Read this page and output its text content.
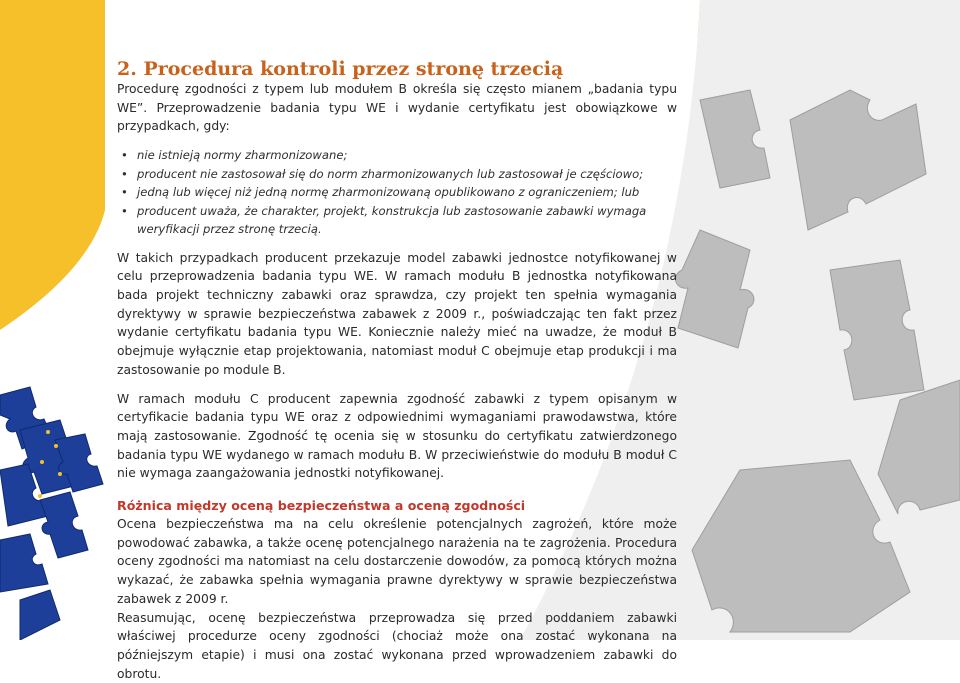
2. Procedura kontroli przez stronę trzecią

Procedurę zgodności z typem lub modułem B określa się często mianem „badania typu WE”. Przeprowadzenie badania typu WE i wydanie certyfikatu jest obowiązkowe w przypadkach, gdy:

• nie istnieją normy zharmonizowane;
• producent nie zastosował się do norm zharmonizowanych lub zastosował je częściowo;
• jedną lub więcej niż jedną normę zharmonizowaną opublikowano z ograniczeniem; lub
• producent uważa, że charakter, projekt, konstrukcja lub zastosowanie zabawki wymaga weryfikacji przez stronę trzecią.

W takich przypadkach producent przekazuje model zabawki jednostce notyfikowanej w celu przeprowadzenia badania typu WE. W ramach modułu B jednostka notyfikowana bada projekt techniczny zabawki oraz sprawdza, czy projekt ten spełnia wymagania dyrektywy w sprawie bezpieczeństwa zabawek z 2009 r., poświadczając ten fakt przez wydanie certyfikatu badania typu WE. Koniecznie należy mieć na uwadze, że moduł B obejmuje wyłącznie etap projektowania, natomiast moduł C obejmuje etap produkcji i ma zastosowanie po module B.

W ramach modułu C producent zapewnia zgodność zabawki z typem opisanym w certyfikacie badania typu WE oraz z odpowiednimi wymaganiami prawodawstwa, które mają zastosowanie. Zgodność tę ocenia się w stosunku do certyfikatu zatwierdzonego badania typu WE wydanego w ramach modułu B. W przeciwieństwie do modułu B moduł C nie wymaga zaangażowania jednostki notyfikowanej.

Różnica między oceną bezpieczeństwa a oceną zgodności

Ocena bezpieczeństwa ma na celu określenie potencjalnych zagrożeń, które może powodować zabawka, a także ocenę potencjalnego narażenia na te zagrożenia. Procedura oceny zgodności ma natomiast na celu dostarczenie dowodów, za pomocą których można wykazać, że zabawka spełnia wymagania prawne dyrektywy w sprawie bezpieczeństwa zabawek z 2009 r.

Reasumując, ocenę bezpieczeństwa przeprowadza się przed poddaniem zabawki właściwej procedurze oceny zgodności (chociaż może ona zostać wykonana na późniejszym etapie) i musi ona zostać wykonana przed wprowadzeniem zabawki do obrotu.
